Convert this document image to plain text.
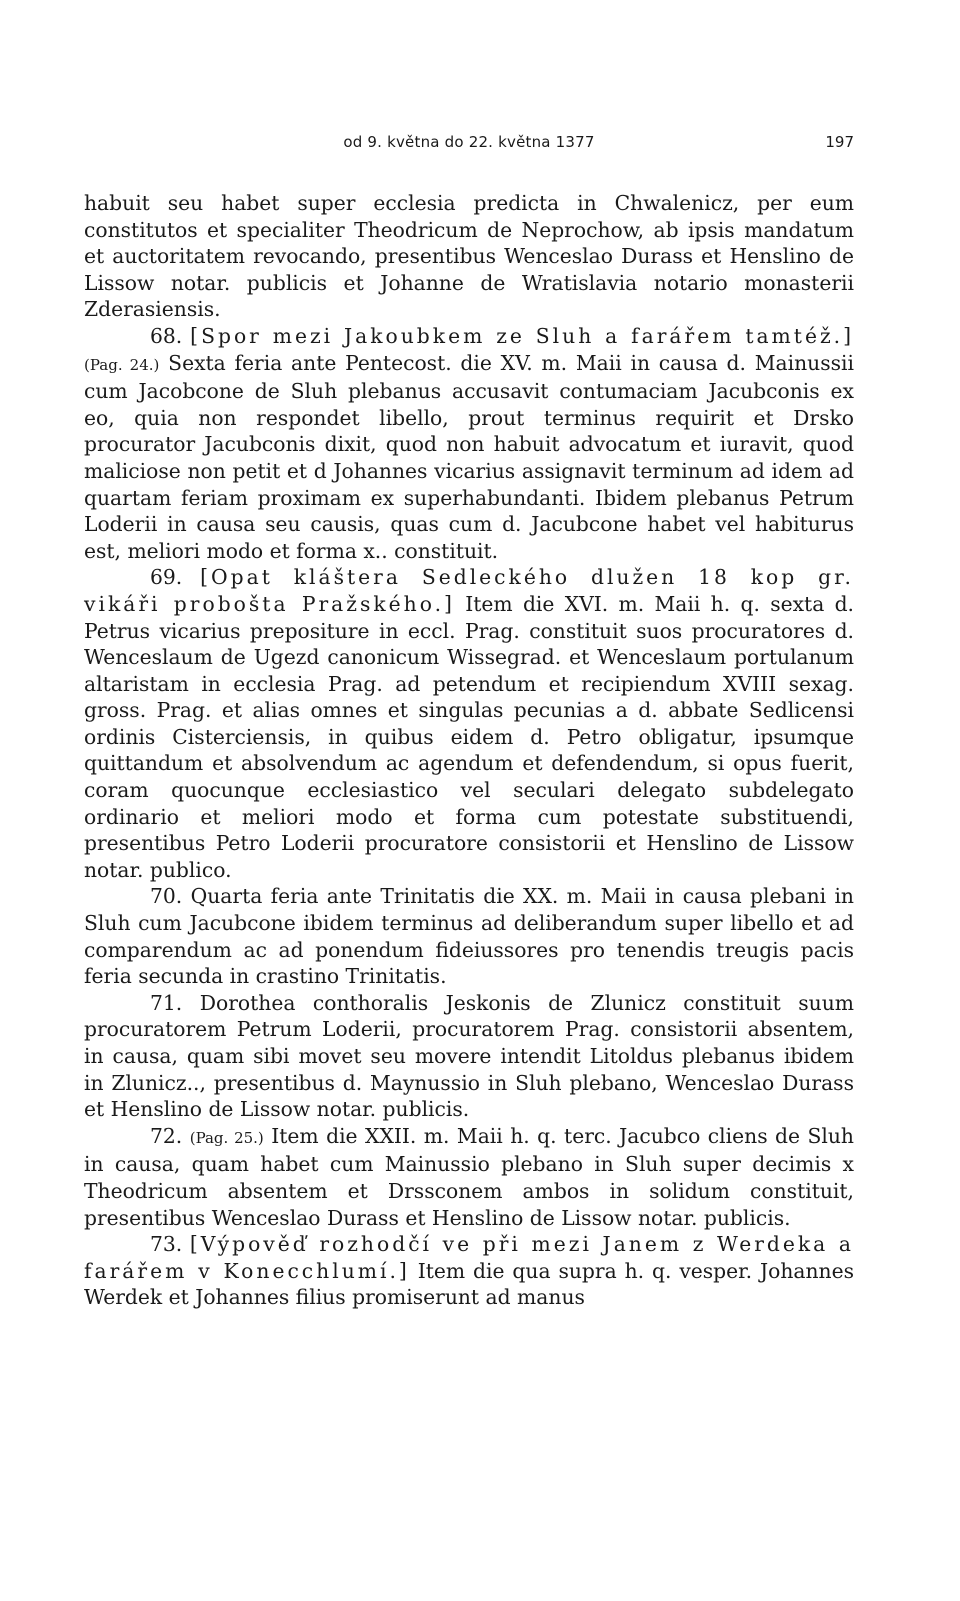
od 9. května do 22. května 1377	197

habuit seu habet super ecclesia predicta in Chwalenicz, per eum constitutos et specialiter Theodricum de Neprochow, ab ipsis mandatum et auctoritatem revocando, presentibus Wenceslao Durass et Henslino de Lissow notar. publicis et Johanne de Wratislavia notario monasterii Zderasiensis.

68. [Spor mezi Jakoubkem ze Sluh a farářem tamtéž.] (Pag. 24.) Sexta feria ante Pentecost. die XV. m. Maii in causa d. Mainussii cum Jacobcone de Sluh plebanus accusavit contumaciam Jacubconis ex eo, quia non respondet libello, prout terminus requirit et Drsko procurator Jacubconis dixit, quod non habuit advocatum et iuravit, quod maliciose non petit et d Johannes vicarius assignavit terminum ad idem ad quartam feriam proximam ex superhabundanti. Ibidem plebanus Petrum Loderii in causa seu causis, quas cum d. Jacubcone habet vel habiturus est, meliori modo et forma x.. constituit.

69. [Opat kláštera Sedleckého dlužen 18 kop gr. vikáři probošta Pražského.] Item die XVI. m. Maii h. q. sexta d. Petrus vicarius prepositure in eccl. Prag. constituit suos procuratores d. Wenceslaum de Ugezd canonicum Wissegrad. et Wenceslaum portulanum altaristam in ecclesia Prag. ad petendum et recipiendum XVIII sexag. gross. Prag. et alias omnes et singulas pecunias a d. abbate Sedlicensi ordinis Cisterciensis, in quibus eidem d. Petro obligatur, ipsumque quittandum et absolvendum ac agendum et defendendum, si opus fuerit, coram quocunque ecclesiastico vel seculari delegato subdelegato ordinario et meliori modo et forma cum potestate substituendi, presentibus Petro Loderii procuratore consistorii et Henslino de Lissow notar. publico.

70. Quarta feria ante Trinitatis die XX. m. Maii in causa plebani in Sluh cum Jacubcone ibidem terminus ad deliberandum super libello et ad comparendum ac ad ponendum fideiussores pro tenendis treugis pacis feria secunda in crastino Trinitatis.

71. Dorothea conthoralis Jeskonis de Zlunicz constituit suum procuratorem Petrum Loderii, procuratorem Prag. consistorii absentem, in causa, quam sibi movet seu movere intendit Litoldus plebanus ibidem in Zlunicz.., presentibus d. Maynussio in Sluh plebano, Wenceslao Durass et Henslino de Lissow notar. publicis.

72. (Pag. 25.) Item die XXII. m. Maii h. q. terc. Jacubco cliens de Sluh in causa, quam habet cum Mainussio plebano in Sluh super decimis x Theodricum absentem et Drssconem ambos in solidum constituit, presentibus Wenceslao Durass et Henslino de Lissow notar. publicis.

73. [Výpověď rozhodčí ve při mezi Janem z Werdeka a farářem v Konecchlumí.] Item die qua supra h. q. vesper. Johannes Werdek et Johannes filius promiserunt ad manus
